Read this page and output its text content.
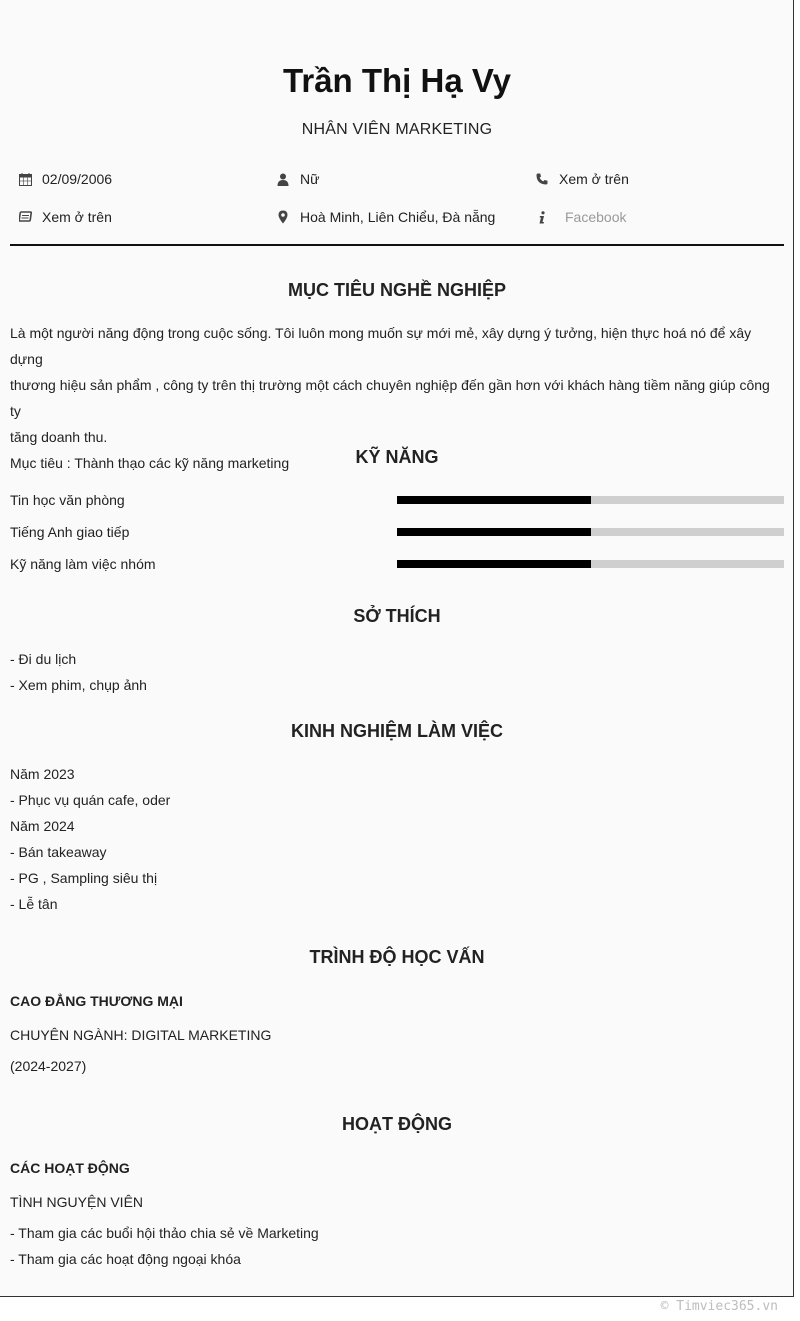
Trần Thị Hạ Vy
NHÂN VIÊN MARKETING
02/09/2006	Nữ	Xem ở trên
Xem ở trên	Hoà Minh, Liên Chiểu, Đà nẵng	Facebook
MỤC TIÊU NGHỀ NGHIỆP
Là một người năng động trong cuộc sống. Tôi luôn mong muốn sự mới mẻ, xây dựng ý tưởng, hiện thực hoá nó để xây dựng
thương hiệu sản phẩm , công ty trên thị trường một cách chuyên nghiệp đến gần hơn với khách hàng tiềm năng giúp công ty
tăng doanh thu.
Mục tiêu : Thành thạo các kỹ năng marketing	KỸ NĂNG
Tin học văn phòng
Tiếng Anh giao tiếp
Kỹ năng làm việc nhóm
SỞ THÍCH
- Đi du lịch
- Xem phim, chụp ảnh
KINH NGHIỆM LÀM VIỆC
Năm 2023
- Phục vụ quán cafe, oder
Năm 2024
- Bán takeaway
- PG , Sampling siêu thị
- Lễ tân
TRÌNH ĐỘ HỌC VẤN
CAO ĐẲNG THƯƠNG MẠI
CHUYÊN NGÀNH: DIGITAL MARKETING
(2024-2027)
HOẠT ĐỘNG
CÁC HOẠT ĐỘNG
TÌNH NGUYỆN VIÊN
- Tham gia các buổi hội thảo chia sẻ về Marketing
- Tham gia các hoạt động ngoại khóa
© Timviec365.vn
